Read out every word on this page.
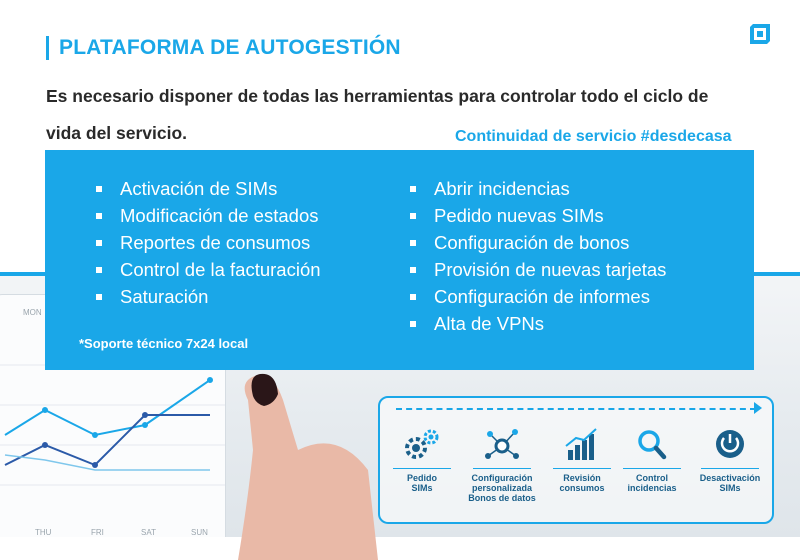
PLATAFORMA DE AUTOGESTIÓN
Es necesario disponer de todas las herramientas para controlar todo el ciclo de vida del servicio.	Continuidad de servicio #desdecasa
MON
THU	FRI	SAT	SUN
Activación de SIMs
Modificación de estados
Reportes de consumos
Control de la facturación
Saturación
Abrir incidencias
Pedido nuevas SIMs
Configuración de bonos
Provisión de nuevas tarjetas
Configuración de informes
Alta de VPNs
*Soporte técnico 7x24 local
Pedido
SIMs
Configuración
personalizada
Bonos de datos
Revisión
consumos
Control
incidencias
Desactivación
SIMs
